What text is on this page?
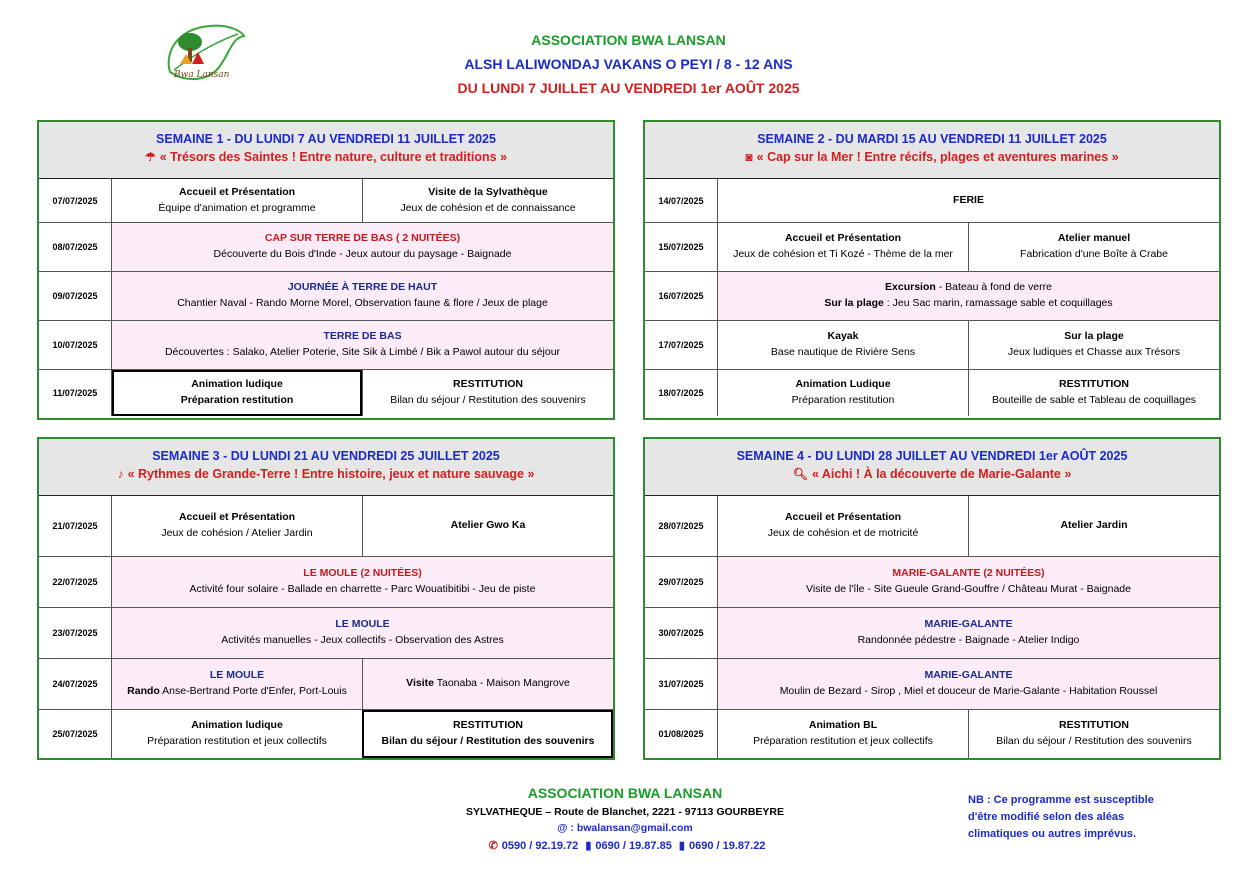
Bwa Lansan
ASSOCIATION BWA LANSAN
ALSH LALIWONDAJ VAKANS O PEYI / 8 - 12 ANS
DU LUNDI 7 JUILLET AU VENDREDI 1er AOÛT 2025
SEMAINE 1 - DU LUNDI 7 AU VENDREDI 11 JUILLET 2025
☂ « Trésors des Saintes ! Entre nature, culture et traditions »
07/07/2025
Accueil et Présentation
Équipe d'animation et programme
Visite de la Sylvathèque
Jeux de cohésion et de connaissance
08/07/2025
CAP SUR TERRE DE BAS ( 2 NUITÉES)
Découverte du Bois d'Inde - Jeux autour du paysage - Baignade
09/07/2025
JOURNÉE À TERRE DE HAUT
Chantier Naval - Rando Morne Morel, Observation faune & flore / Jeux de plage
10/07/2025
TERRE DE BAS
Découvertes : Salako, Atelier Poterie, Site Sik à Limbé / Bik a Pawol autour du séjour
11/07/2025
Animation ludique
Préparation restitution
RESTITUTION
Bilan du séjour / Restitution des souvenirs
SEMAINE 2 - DU MARDI 15 AU VENDREDI 11 JUILLET 2025
◙ « Cap sur la Mer ! Entre récifs, plages et aventures marines »
14/07/2025	FERIE
15/07/2025
Accueil et Présentation
Jeux de cohésion et Ti Kozé - Thème de la mer
Atelier manuel
Fabrication d'une Boîte à Crabe
16/07/2025
Excursion - Bateau à fond de verre
Sur la plage : Jeu Sac marin, ramassage sable et coquillages
17/07/2025
Kayak
Base nautique de Rivière Sens
Sur la plage
Jeux ludiques et Chasse aux Trésors
18/07/2025
Animation Ludique
Préparation restitution
RESTITUTION
Bouteille de sable et Tableau de coquillages
SEMAINE 3 - DU LUNDI 21 AU VENDREDI 25 JUILLET 2025
♪ « Rythmes de Grande-Terre ! Entre histoire, jeux et nature sauvage »
21/07/2025
Accueil et Présentation
Jeux de cohésion / Atelier Jardin
Atelier Gwo Ka
22/07/2025
LE MOULE (2 NUITÉES)
Activité four solaire - Ballade en charrette - Parc Wouatibitibi - Jeu de piste
23/07/2025
LE MOULE
Activités manuelles - Jeux collectifs - Observation des Astres
24/07/2025
LE MOULE
Rando Anse-Bertrand Porte d'Enfer, Port-Louis
Visite Taonaba - Maison Mangrove
25/07/2025
Animation ludique
Préparation restitution et jeux collectifs
RESTITUTION
Bilan du séjour / Restitution des souvenirs
SEMAINE 4 - DU LUNDI 28 JUILLET AU VENDREDI 1er AOÛT 2025
🔍︎ « Aichi ! À la découverte de Marie-Galante »
28/07/2025
Accueil et Présentation
Jeux de cohésion et de motricité
Atelier Jardin
29/07/2025
MARIE-GALANTE (2 NUITÉES)
Visite de l'île - Site Gueule Grand-Gouffre / Château Murat - Baignade
30/07/2025
MARIE-GALANTE
Randonnée pédestre - Baignade - Atelier Indigo
31/07/2025
MARIE-GALANTE
Moulin de Bezard - Sirop , Miel et douceur de Marie-Galante - Habitation Roussel
01/08/2025
Animation BL
Préparation restitution et jeux collectifs
RESTITUTION
Bilan du séjour / Restitution des souvenirs
ASSOCIATION BWA LANSAN
SYLVATHEQUE – Route de Blanchet, 2221 - 97113 GOURBEYRE
@ : bwalansan@gmail.com
✆ 0590 / 92.19.72 ▮ 0690 / 19.87.85 ▮ 0690 / 19.87.22
NB : Ce programme est susceptible
d'être modifié selon des aléas
climatiques ou autres imprévus.
